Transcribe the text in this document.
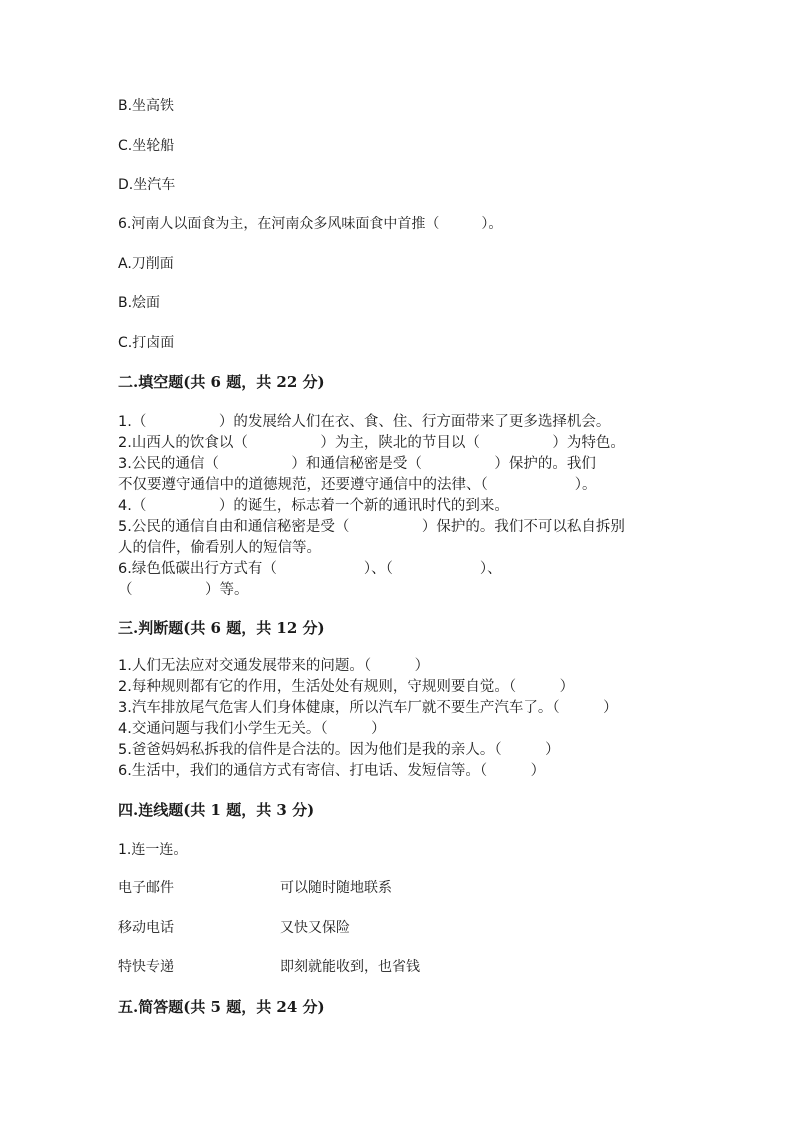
B.坐高铁

C.坐轮船

D.坐汽车

6.河南人以面食为主，在河南众多风味面食中首推（　　　）。

A.刀削面

B.烩面

C.打卤面

二.填空题(共 6 题，共 22 分)

1.（　　　　　）的发展给人们在衣、食、住、行方面带来了更多选择机会。

2.山西人的饮食以（　　　　　）为主，陕北的节目以（　　　　　）为特色。

3.公民的通信（　　　　　）和通信秘密是受（　　　　　）保护的。我们

不仅要遵守通信中的道德规范，还要遵守通信中的法律、（　　　　　　）。

4.（　　　　　）的诞生，标志着一个新的通讯时代的到来。

5.公民的通信自由和通信秘密是受（　　　　　）保护的。我们不可以私自拆别

人的信件，偷看别人的短信等。

6.绿色低碳出行方式有（　　　　　　）、（　　　　　　）、

（　　　　　）等。

三.判断题(共 6 题，共 12 分)

1.人们无法应对交通发展带来的问题。（　　　）

2.每种规则都有它的作用，生活处处有规则，守规则要自觉。（　　　）

3.汽车排放尾气危害人们身体健康，所以汽车厂就不要生产汽车了。（　　　）

4.交通问题与我们小学生无关。（　　　）

5.爸爸妈妈私拆我的信件是合法的。因为他们是我的亲人。（　　　）

6.生活中，我们的通信方式有寄信、打电话、发短信等。（　　　）

四.连线题(共 1 题，共 3 分)

1.连一连。

电子邮件	可以随时随地联系

移动电话	又快又保险

特快专递	即刻就能收到，也省钱

五.简答题(共 5 题，共 24 分)
